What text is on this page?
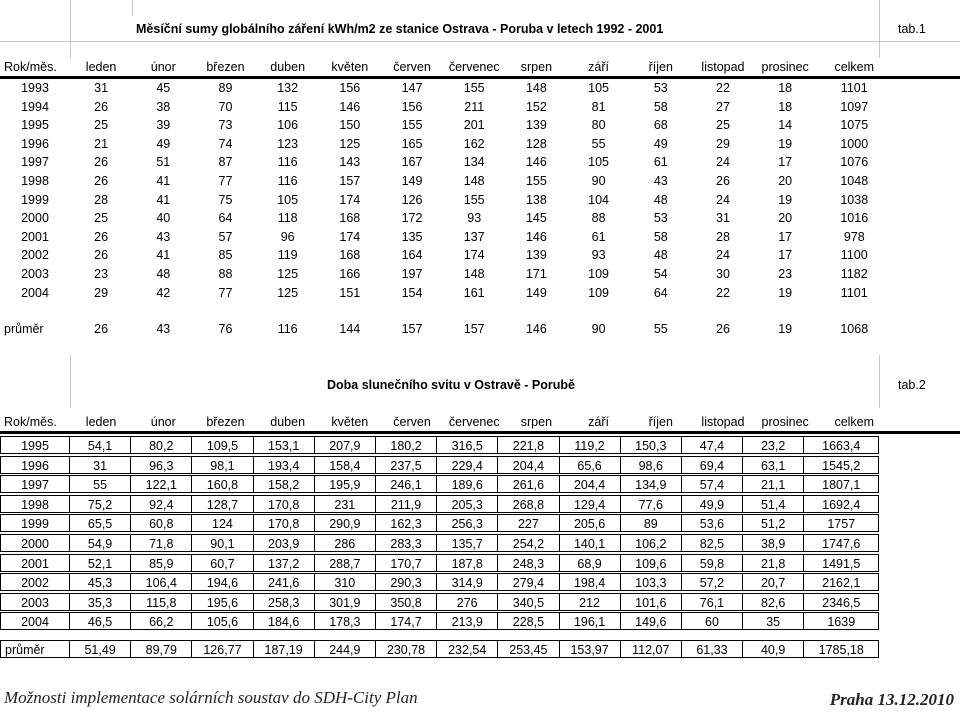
Měsíční sumy globálního záření kWh/m2 ze stanice Ostrava - Poruba v letech 1992 - 2001	tab.1
Rok/měs.	leden	únor	březen	duben	květen	červen	červenec	srpen	září	říjen	listopad	prosinec	celkem
1993	31	45	89	132	156	147	155	148	105	53	22	18	1101
1994	26	38	70	115	146	156	211	152	81	58	27	18	1097
1995	25	39	73	106	150	155	201	139	80	68	25	14	1075
1996	21	49	74	123	125	165	162	128	55	49	29	19	1000
1997	26	51	87	116	143	167	134	146	105	61	24	17	1076
1998	26	41	77	116	157	149	148	155	90	43	26	20	1048
1999	28	41	75	105	174	126	155	138	104	48	24	19	1038
2000	25	40	64	118	168	172	93	145	88	53	31	20	1016
2001	26	43	57	96	174	135	137	146	61	58	28	17	978
2002	26	41	85	119	168	164	174	139	93	48	24	17	1100
2003	23	48	88	125	166	197	148	171	109	54	30	23	1182
2004	29	42	77	125	151	154	161	149	109	64	22	19	1101
průměr	26	43	76	116	144	157	157	146	90	55	26	19	1068
Doba slunečního svitu v Ostravě - Porubě	tab.2
Rok/měs.	leden	únor	březen	duben	květen	červen	červenec	srpen	září	říjen	listopad	prosinec	celkem
1995	54,1	80,2	109,5	153,1	207,9	180,2	316,5	221,8	119,2	150,3	47,4	23,2	1663,4
1996	31	96,3	98,1	193,4	158,4	237,5	229,4	204,4	65,6	98,6	69,4	63,1	1545,2
1997	55	122,1	160,8	158,2	195,9	246,1	189,6	261,6	204,4	134,9	57,4	21,1	1807,1
1998	75,2	92,4	128,7	170,8	231	211,9	205,3	268,8	129,4	77,6	49,9	51,4	1692,4
1999	65,5	60,8	124	170,8	290,9	162,3	256,3	227	205,6	89	53,6	51,2	1757
2000	54,9	71,8	90,1	203,9	286	283,3	135,7	254,2	140,1	106,2	82,5	38,9	1747,6
2001	52,1	85,9	60,7	137,2	288,7	170,7	187,8	248,3	68,9	109,6	59,8	21,8	1491,5
2002	45,3	106,4	194,6	241,6	310	290,3	314,9	279,4	198,4	103,3	57,2	20,7	2162,1
2003	35,3	115,8	195,6	258,3	301,9	350,8	276	340,5	212	101,6	76,1	82,6	2346,5
2004	46,5	66,2	105,6	184,6	178,3	174,7	213,9	228,5	196,1	149,6	60	35	1639
průměr	51,49	89,79	126,77	187,19	244,9	230,78	232,54	253,45	153,97	112,07	61,33	40,9	1785,18
Možnosti implementace solárních soustav do SDH-City Plan	Praha 13.12.2010
